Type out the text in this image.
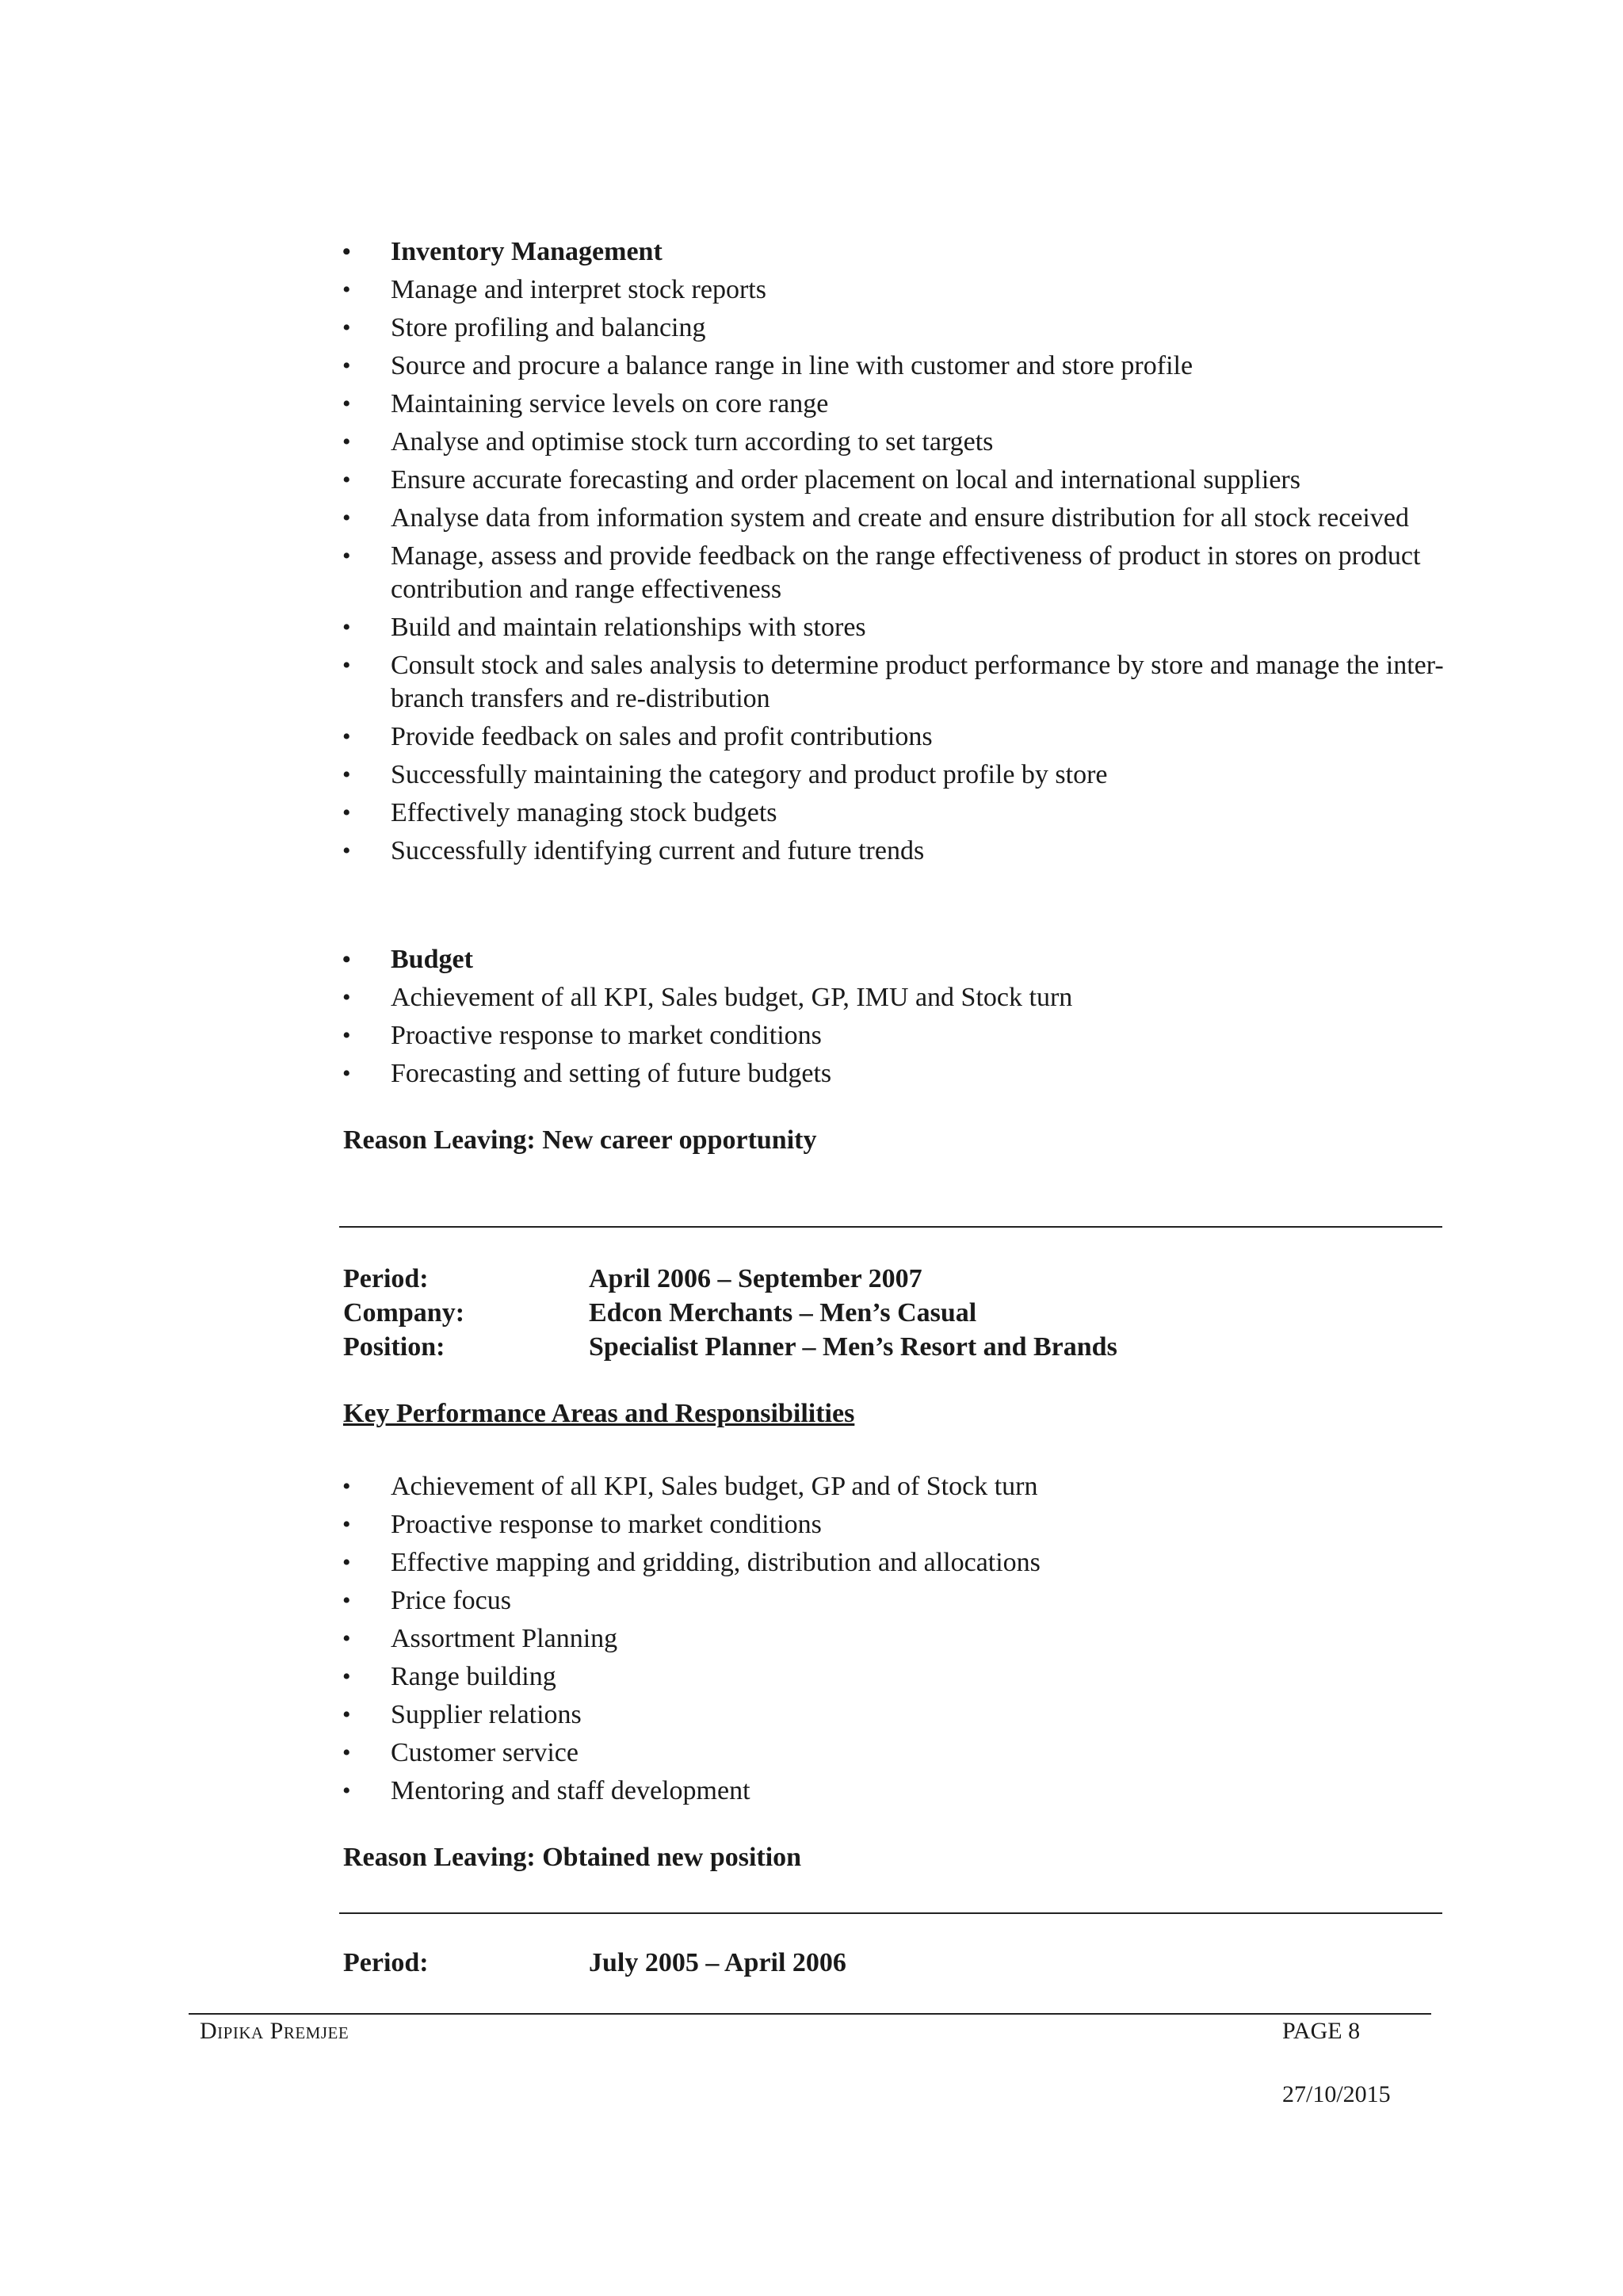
• Inventory Management
• Manage and interpret stock reports
• Store profiling and balancing
• Source and procure a balance range in line with customer and store profile
• Maintaining service levels on core range
• Analyse and optimise stock turn according to set targets
• Ensure accurate forecasting and order placement on local and international suppliers
• Analyse data from information system and create and ensure distribution for all stock received
• Manage, assess and provide feedback on the range effectiveness of product in stores on product contribution and range effectiveness
• Build and maintain relationships with stores
• Consult stock and sales analysis to determine product performance by store and manage the inter-branch transfers and re-distribution
• Provide feedback on sales and profit contributions
• Successfully maintaining the category and product profile by store
• Effectively managing stock budgets
• Successfully identifying current and future trends
• Budget
• Achievement of all KPI, Sales budget, GP, IMU and Stock turn
• Proactive response to market conditions
• Forecasting and setting of future budgets
Reason Leaving: New career opportunity
Period:	April 2006 – September 2007
Company:	Edcon Merchants – Men’s Casual
Position:	Specialist Planner – Men’s Resort and Brands
Key Performance Areas and Responsibilities
• Achievement of all KPI, Sales budget, GP and of Stock turn
• Proactive response to market conditions
• Effective mapping and gridding, distribution and allocations
• Price focus
• Assortment Planning
• Range building
• Supplier relations
• Customer service
• Mentoring and staff development
Reason Leaving: Obtained new position
Period:	July 2005 – April 2006
Dipika Premjee	PAGE 8
27/10/2015
